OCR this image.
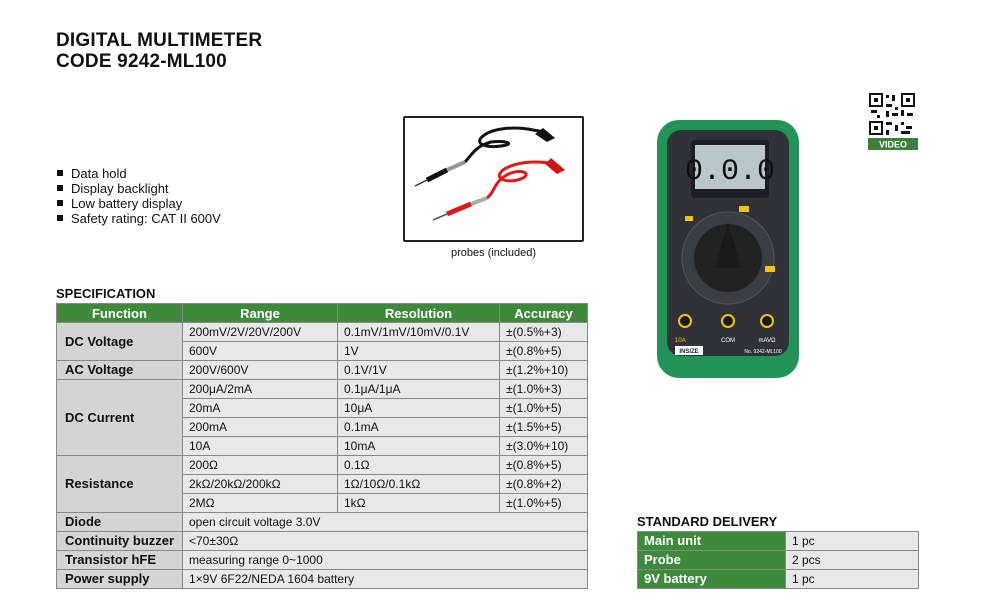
DIGITAL MULTIMETER
CODE 9242-ML100
Data hold
Display backlight
Low battery display
Safety rating: CAT II 600V
probes (included)
VIDEO
0.0.0
10A	COM	mAVΩ
INSIZE	No. 9242-ML100
SPECIFICATION
Function	Range	Resolution	Accuracy
DC Voltage	200mV/2V/20V/200V	0.1mV/1mV/10mV/0.1V	±(0.5%+3)
	600V	1V	±(0.8%+5)
AC Voltage	200V/600V	0.1V/1V	±(1.2%+10)
DC Current	200μA/2mA	0.1μA/1μA	±(1.0%+3)
	20mA	10μA	±(1.0%+5)
	200mA	0.1mA	±(1.5%+5)
	10A	10mA	±(3.0%+10)
Resistance	200Ω	0.1Ω	±(0.8%+5)
	2kΩ/20kΩ/200kΩ	1Ω/10Ω/0.1kΩ	±(0.8%+2)
	2MΩ	1kΩ	±(1.0%+5)
Diode	open circuit voltage 3.0V		
Continuity buzzer	<70±30Ω		
Transistor hFE	measuring range 0~1000		
Power supply	1×9V 6F22/NEDA 1604 battery		
STANDARD DELIVERY
Main unit	1 pc
Probe	2 pcs
9V battery	1 pc
